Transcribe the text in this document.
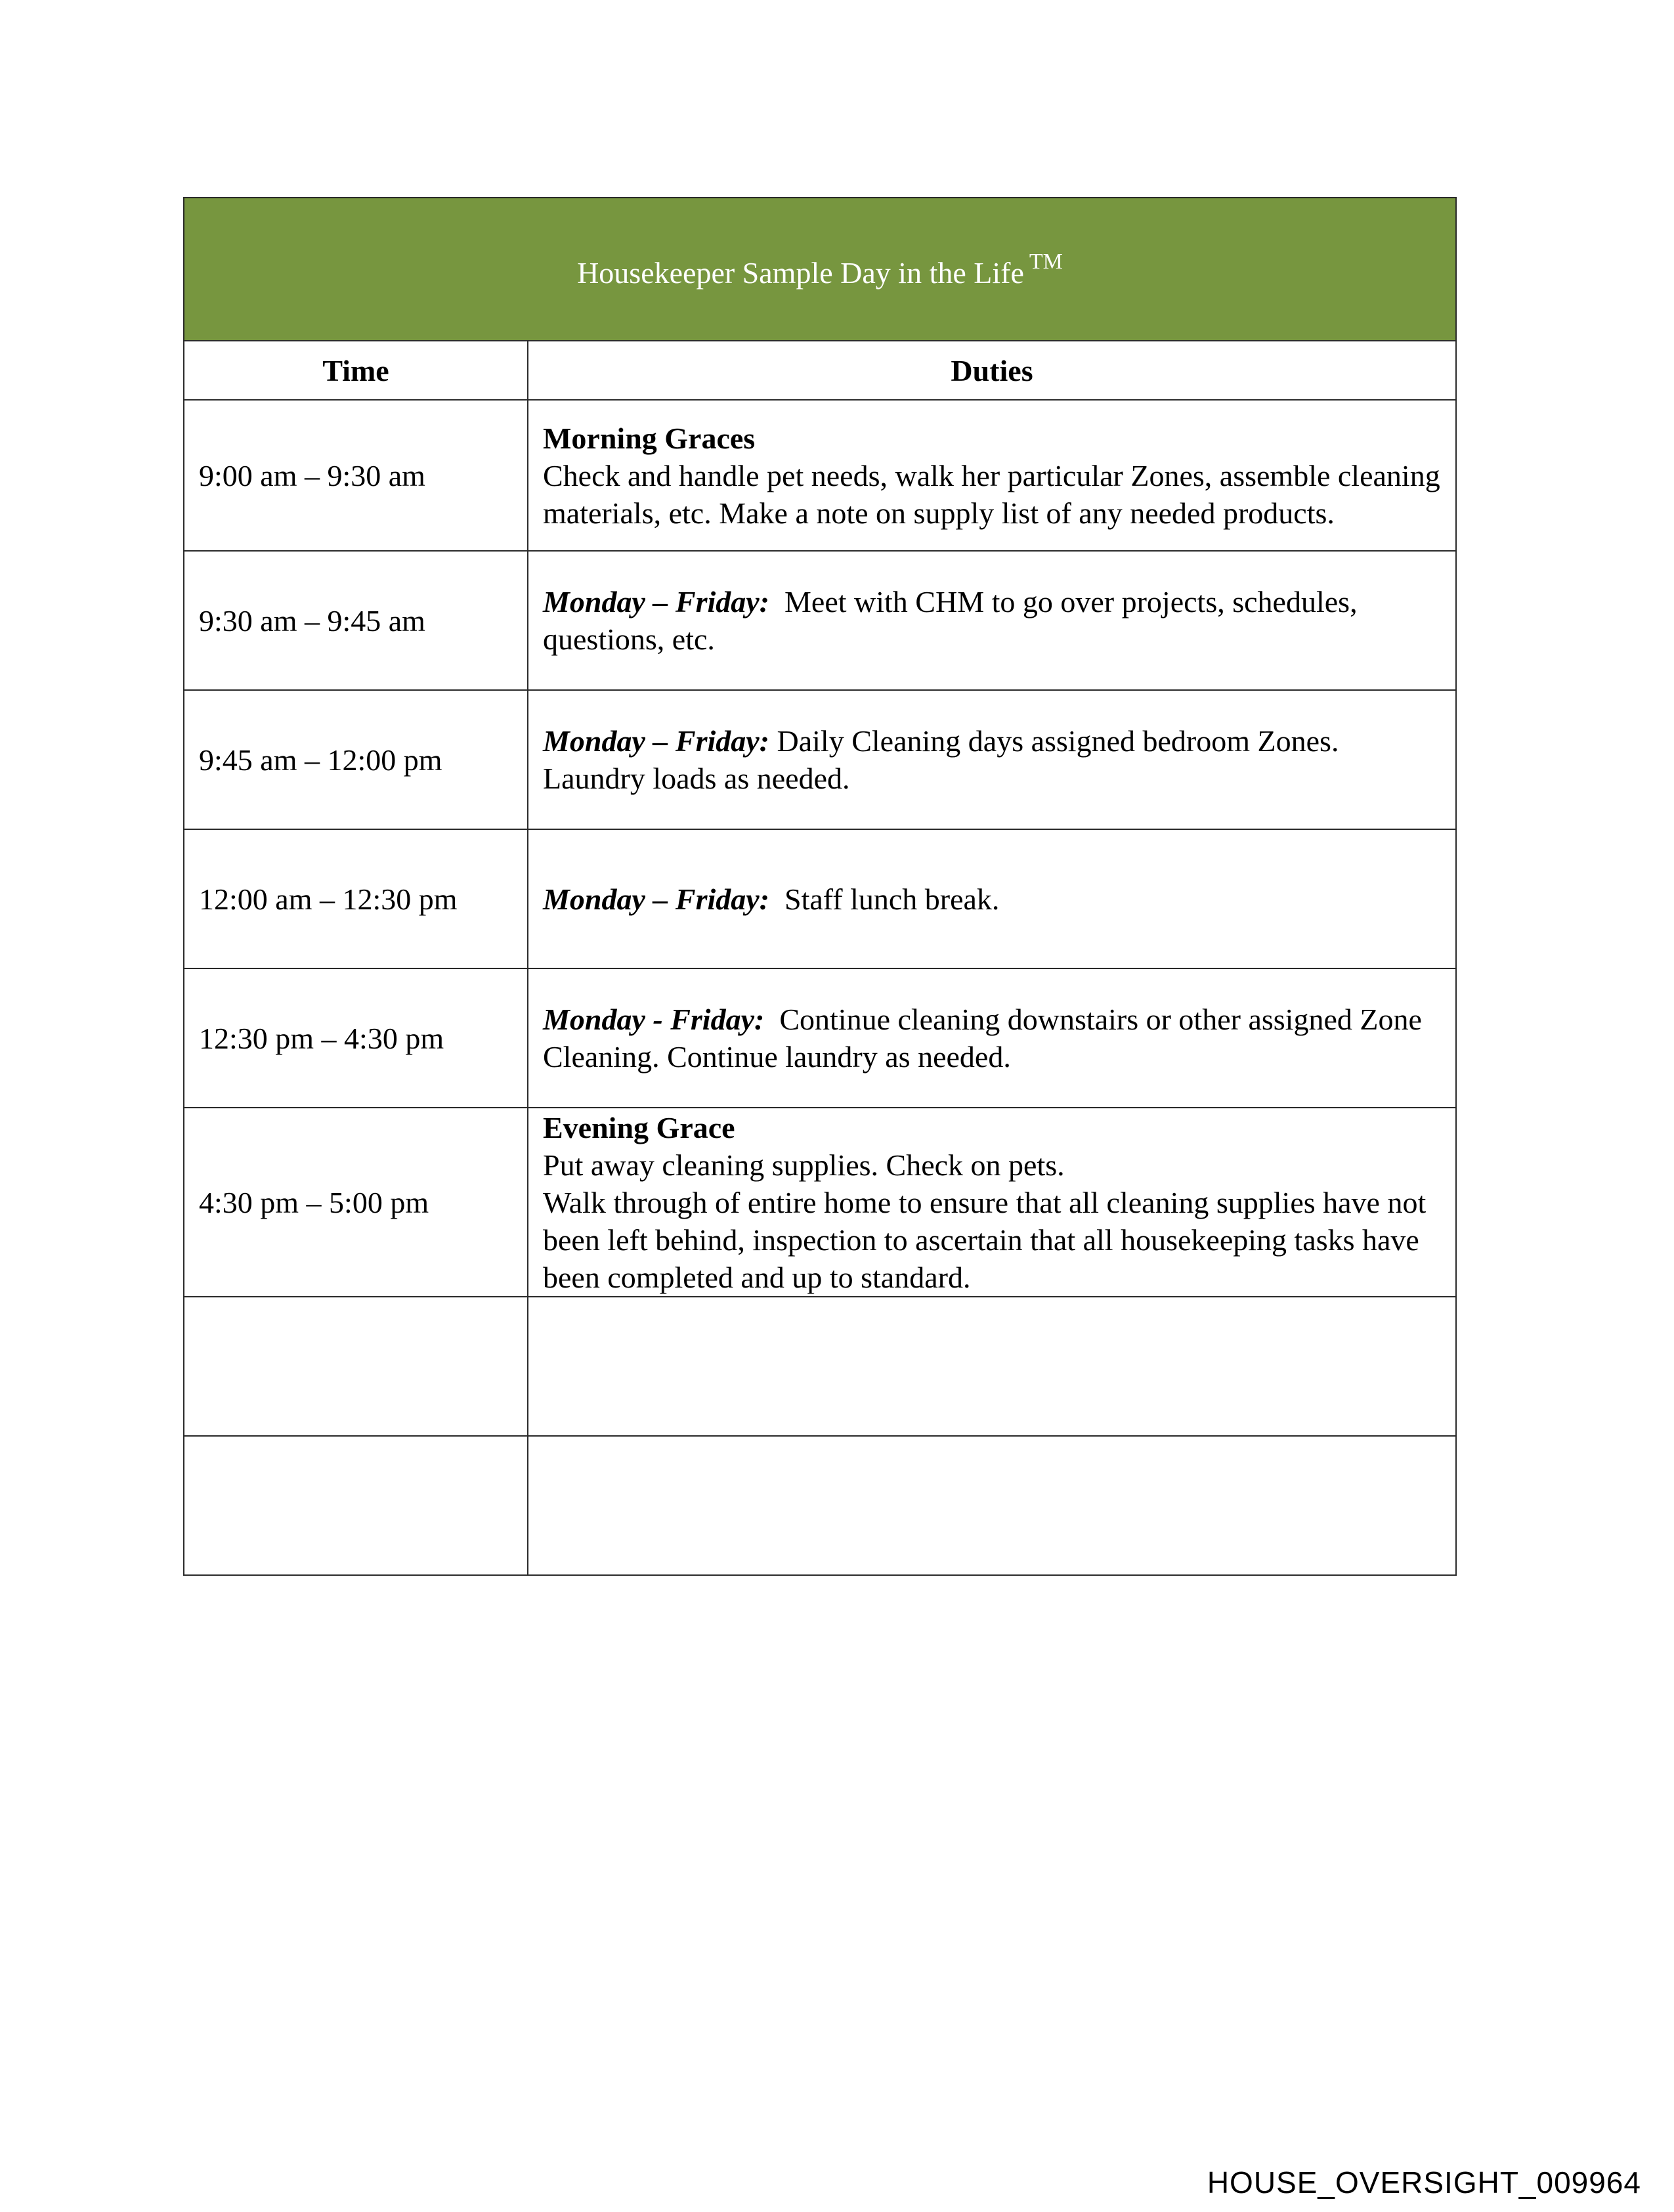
Housekeeper Sample Day in the Life ™
Time	Duties
9:00 am – 9:30 am	Morning Graces
Check and handle pet needs, walk her particular Zones, assemble cleaning materials, etc. Make a note on supply list of any needed products.

9:30 am – 9:45 am	Monday – Friday: Meet with CHM to go over projects, schedules, questions, etc.
9:45 am – 12:00 pm	Monday – Friday: Daily Cleaning days assigned bedroom Zones. Laundry loads as needed.
12:00 am – 12:30 pm	Monday – Friday: Staff lunch break.
12:30 pm – 4:30 pm	Monday - Friday: Continue cleaning downstairs or other assigned Zone Cleaning. Continue laundry as needed.
4:30 pm – 5:00 pm	Evening Grace
Put away cleaning supplies. Check on pets.
Walk through of entire home to ensure that all cleaning supplies have not been left behind, inspection to ascertain that all housekeeping tasks have been completed and up to standard.

HOUSE_OVERSIGHT_009964
